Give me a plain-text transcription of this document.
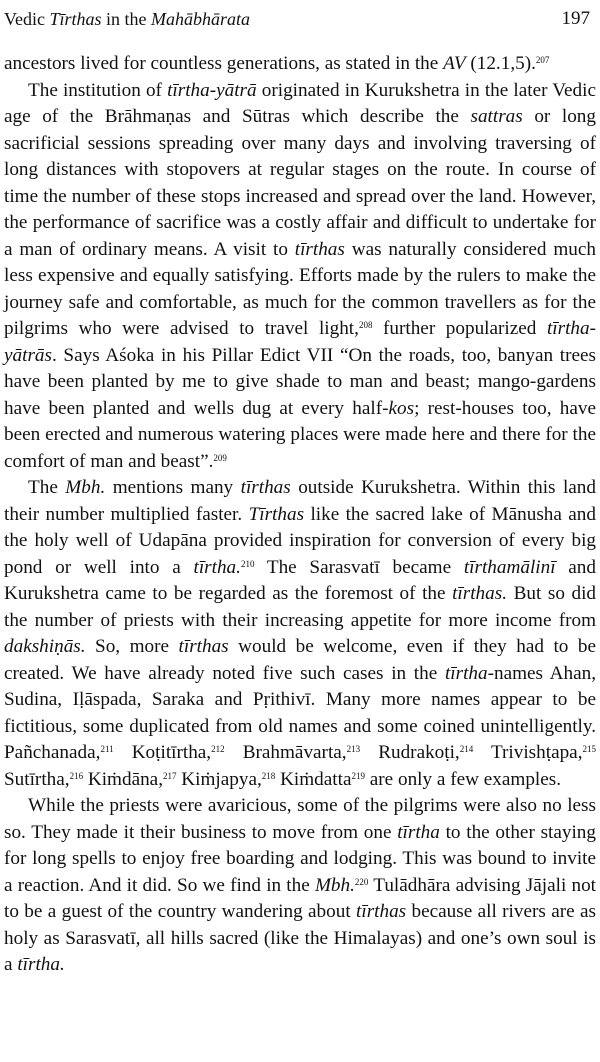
Vedic Tīrthas in the Mahābhārata	197

ancestors lived for countless generations, as stated in the AV (12.1,5).$^{207}$

The institution of tīrtha-yātrā originated in Kurukshetra in the later Vedic age of the Brāhmaṇas and Sūtras which describe the sattras or long sacrificial sessions spreading over many days and involving traversing of long distances with stopovers at regular stages on the route. In course of time the number of these stops increased and spread over the land. However, the performance of sacrifice was a costly affair and difficult to undertake for a man of ordinary means. A visit to tīrthas was naturally considered much less expensive and equally satisfying. Efforts made by the rulers to make the journey safe and comfortable, as much for the common travellers as for the pilgrims who were advised to travel light,$^{208}$ further popularized tīrtha-yātrās. Says Aśoka in his Pillar Edict VII “On the roads, too, banyan trees have been planted by me to give shade to man and beast; mango-gardens have been planted and wells dug at every half-kos; rest-houses too, have been erected and numerous watering places were made here and there for the comfort of man and beast”.$^{209}$

The Mbh. mentions many tīrthas outside Kurukshetra. Within this land their number multiplied faster. Tīrthas like the sacred lake of Mānusha and the holy well of Udapāna provided inspiration for conversion of every big pond or well into a tīrtha.$^{210}$ The Sarasvatī became tīrthamālinī and Kurukshetra came to be regarded as the foremost of the tīrthas. But so did the number of priests with their increasing appetite for more income from dakshiṇās. So, more tīrthas would be welcome, even if they had to be created. We have already noted five such cases in the tīrtha-names Ahan, Sudina, Iḷāspada, Saraka and Pṛithivī. Many more names appear to be fictitious, some duplicated from old names and some coined unintelligently. Pañchanada,$^{211}$ Koṭitīrtha,$^{212}$ Brahmāvarta,$^{213}$ Rudrakoṭi,$^{214}$ Trivishṭapa,$^{215}$ Sutīrtha,$^{216}$ Kiṁdāna,$^{217}$ Kiṁjapya,$^{218}$ Kiṁdatta$^{219}$ are only a few examples.

While the priests were avaricious, some of the pilgrims were also no less so. They made it their business to move from one tīrtha to the other staying for long spells to enjoy free boarding and lodging. This was bound to invite a reaction. And it did. So we find in the Mbh.$^{220}$ Tulādhāra advising Jājali not to be a guest of the country wandering about tīrthas because all rivers are as holy as Sarasvatī, all hills sacred (like the Himalayas) and one’s own soul is a tīrtha.
